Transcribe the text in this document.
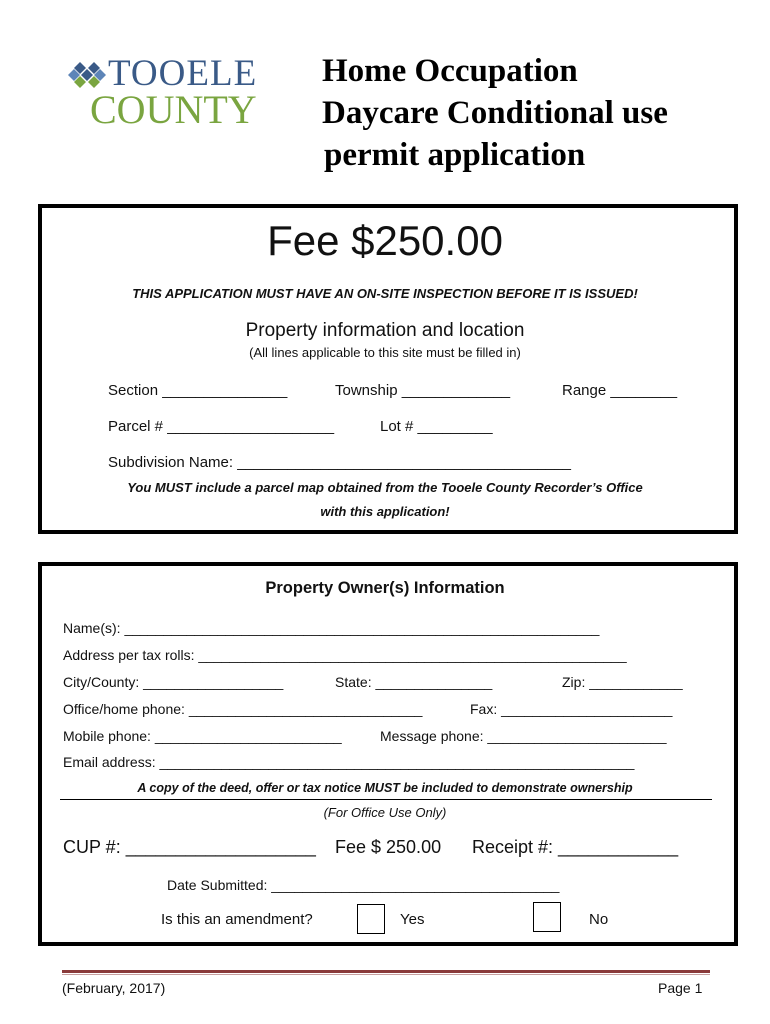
TOOELE
COUNTY
Home Occupation
Daycare Conditional use
permit application
Fee $250.00
THIS APPLICATION MUST HAVE AN ON-SITE INSPECTION BEFORE IT IS ISSUED!
Property information and location
(All lines applicable to this site must be filled in)
Section _______________	Township _____________	Range ________
Parcel # ____________________	Lot # _________
Subdivision Name: ________________________________________
You MUST include a parcel map obtained from the Tooele County Recorder’s Office
with this application!
Property Owner(s) Information
Name(s): _____________________________________________________________
Address per tax rolls: _______________________________________________________
City/County: __________________	State: _______________	Zip: ____________
Office/home phone: ______________________________	Fax: ______________________
Mobile phone: ________________________	Message phone: _______________________
Email address: _____________________________________________________________
A copy of the deed, offer or tax notice MUST be included to demonstrate ownership
(For Office Use Only)
CUP #: ___________________ Fee $ 250.00 Receipt #: ____________
Date Submitted: _____________________________________
Is this an amendment?	Yes	No
(February, 2017)	Page 1
